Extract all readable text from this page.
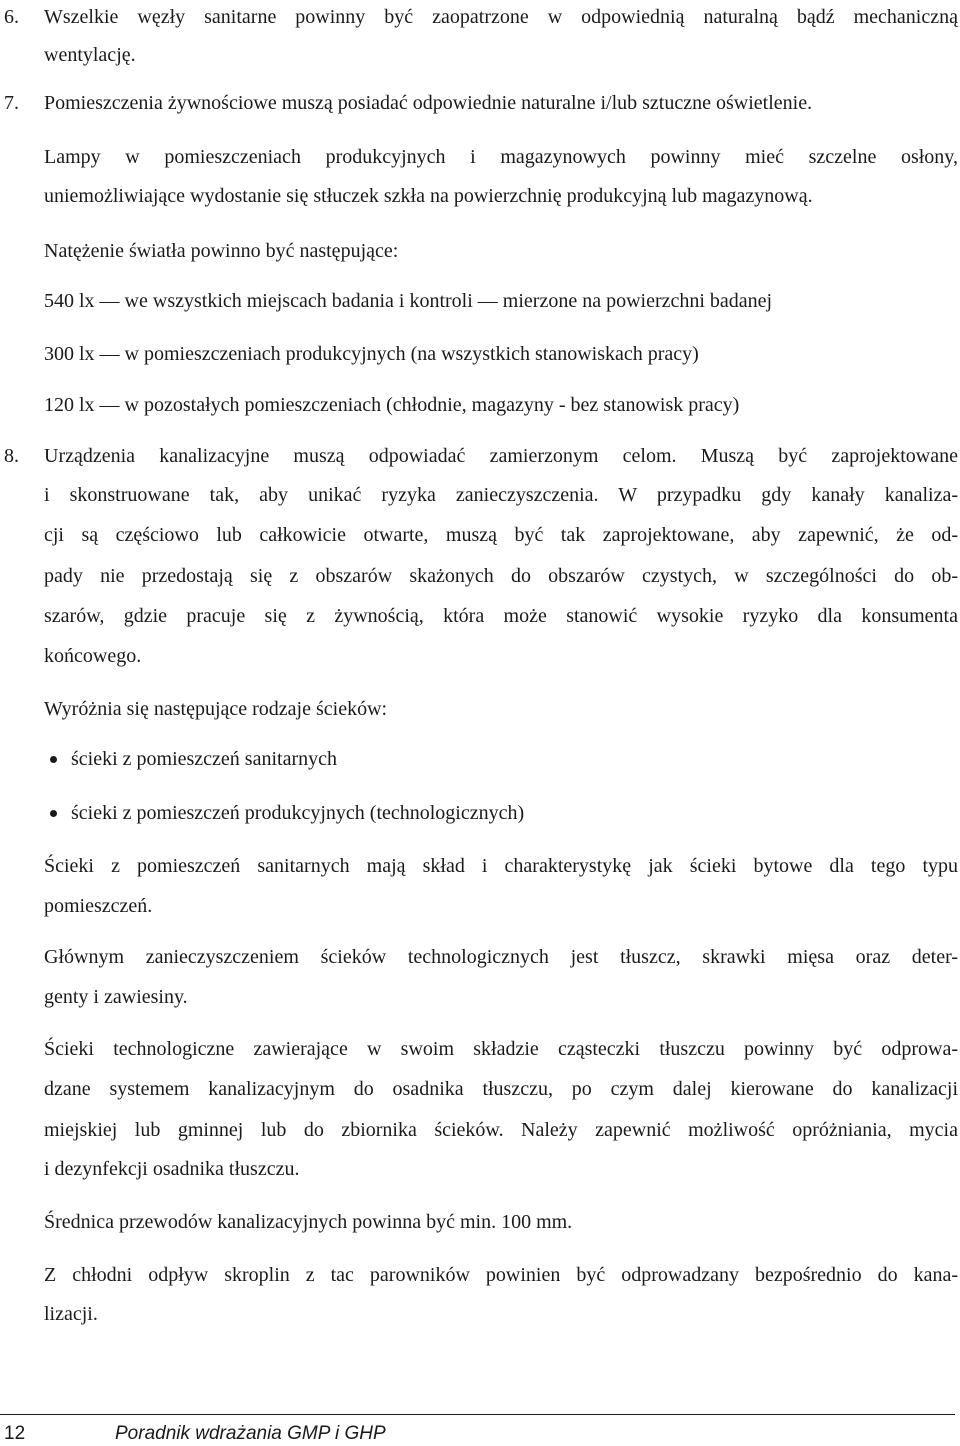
6. Wszelkie węzły sanitarne powinny być zaopatrzone w odpowiednią naturalną bądź mechaniczną
wentylację.
7. Pomieszczenia żywnościowe muszą posiadać odpowiednie naturalne i/lub sztuczne oświetlenie.
Lampy w pomieszczeniach produkcyjnych i magazynowych powinny mieć szczelne osłony,
uniemożliwiające wydostanie się stłuczek szkła na powierzchnię produkcyjną lub magazynową.
Natężenie światła powinno być następujące:
540 lx — we wszystkich miejscach badania i kontroli — mierzone na powierzchni badanej
300 lx — w pomieszczeniach produkcyjnych (na wszystkich stanowiskach pracy)
120 lx — w pozostałych pomieszczeniach (chłodnie, magazyny - bez stanowisk pracy)
8. Urządzenia kanalizacyjne muszą odpowiadać zamierzonym celom. Muszą być zaprojektowane
i skonstruowane tak, aby unikać ryzyka zanieczyszczenia. W przypadku gdy kanały kanaliza-
cji są częściowo lub całkowicie otwarte, muszą być tak zaprojektowane, aby zapewnić, że od-
pady nie przedostają się z obszarów skażonych do obszarów czystych, w szczególności do ob-
szarów, gdzie pracuje się z żywnością, która może stanowić wysokie ryzyko dla konsumenta
końcowego.
Wyróżnia się następujące rodzaje ścieków:
ścieki z pomieszczeń sanitarnych
ścieki z pomieszczeń produkcyjnych (technologicznych)
Ścieki z pomieszczeń sanitarnych mają skład i charakterystykę jak ścieki bytowe dla tego typu
pomieszczeń.
Głównym zanieczyszczeniem ścieków technologicznych jest tłuszcz, skrawki mięsa oraz deter-
genty i zawiesiny.
Ścieki technologiczne zawierające w swoim składzie cząsteczki tłuszczu powinny być odprowa-
dzane systemem kanalizacyjnym do osadnika tłuszczu, po czym dalej kierowane do kanalizacji
miejskiej lub gminnej lub do zbiornika ścieków. Należy zapewnić możliwość opróżniania, mycia
i dezynfekcji osadnika tłuszczu.
Średnica przewodów kanalizacyjnych powinna być min. 100 mm.
Z chłodni odpływ skroplin z tac parowników powinien być odprowadzany bezpośrednio do kana-
lizacji.
12	Poradnik wdrażania GMP i GHP
